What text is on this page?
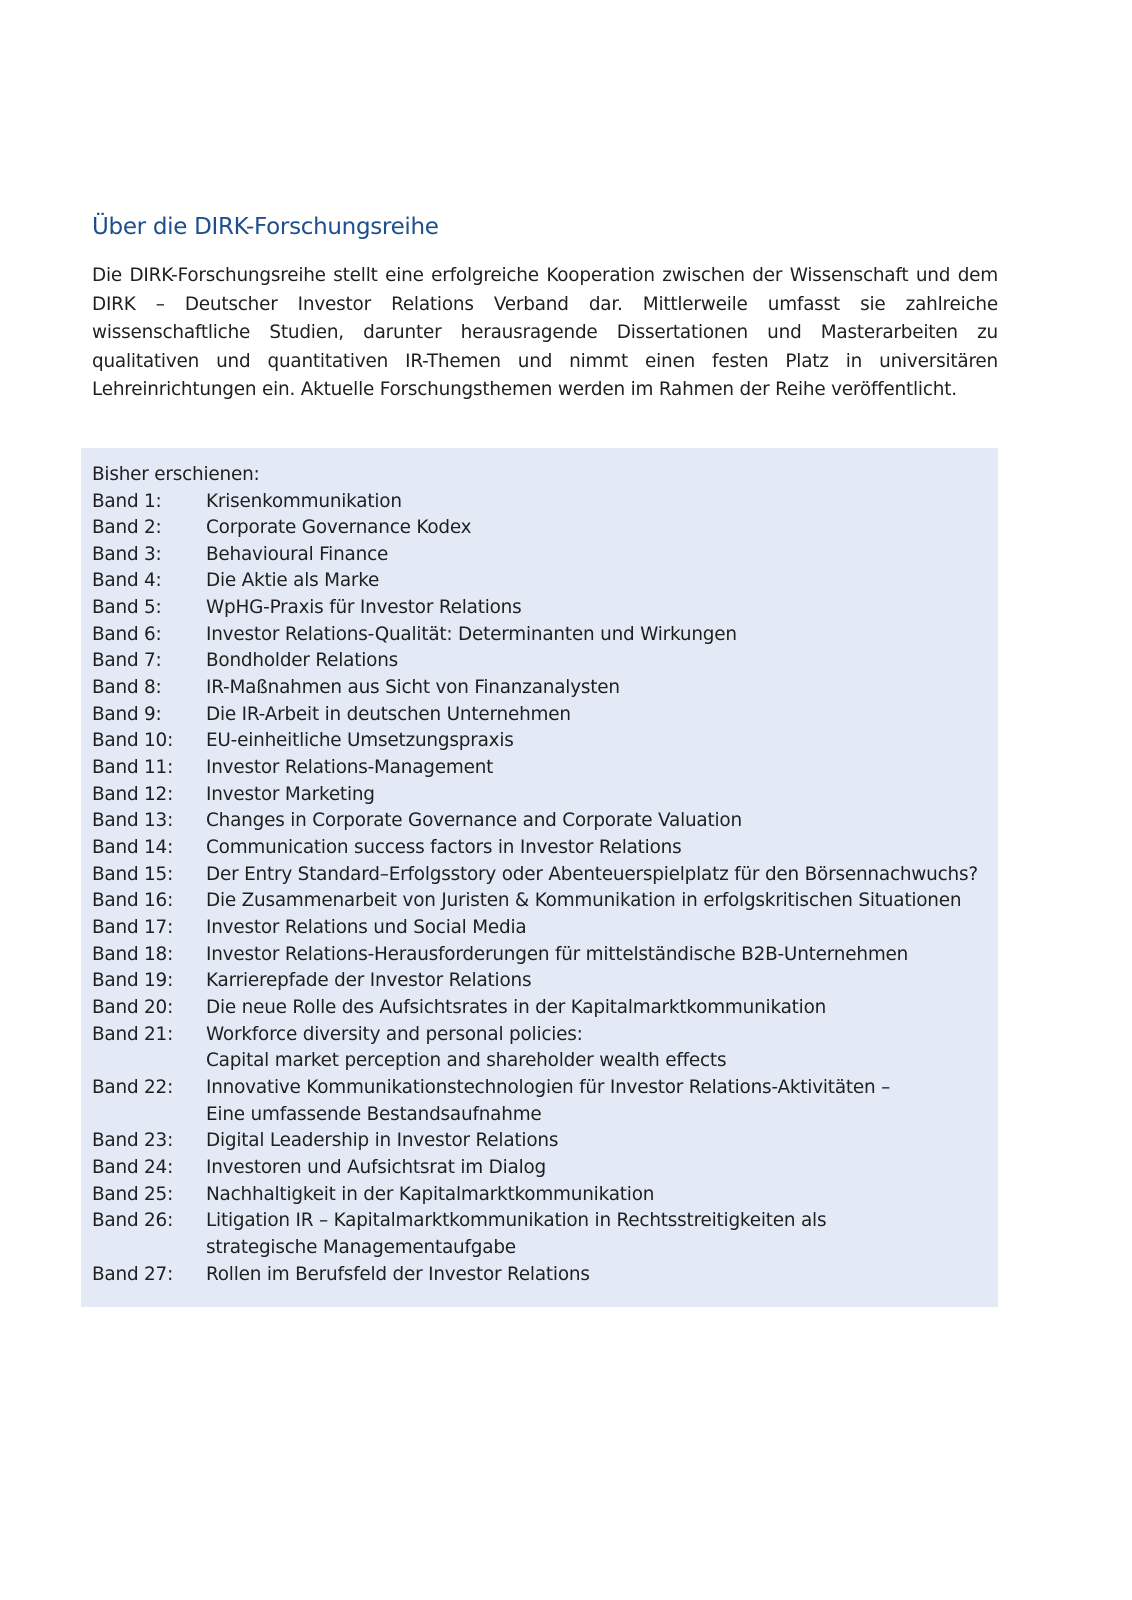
Über die DIRK-Forschungsreihe

Die DIRK-Forschungsreihe stellt eine erfolgreiche Kooperation zwischen der Wissenschaft und dem DIRK – Deutscher Investor Relations Verband dar. Mittlerweile umfasst sie zahlreiche wissenschaftliche Studien, darunter herausragende Dissertationen und Masterarbeiten zu qualitativen und quantitativen IR-Themen und nimmt einen festen Platz in universitären Lehreinrichtungen ein. Aktuelle Forschungsthemen werden im Rahmen der Reihe veröffentlicht.

Bisher erschienen:
Band 1:	Krisenkommunikation
Band 2:	Corporate Governance Kodex
Band 3:	Behavioural Finance
Band 4:	Die Aktie als Marke
Band 5:	WpHG-Praxis für Investor Relations
Band 6:	Investor Relations-Qualität: Determinanten und Wirkungen
Band 7:	Bondholder Relations
Band 8:	IR-Maßnahmen aus Sicht von Finanzanalysten
Band 9:	Die IR-Arbeit in deutschen Unternehmen
Band 10:	EU-einheitliche Umsetzungspraxis
Band 11:	Investor Relations-Management
Band 12:	Investor Marketing
Band 13:	Changes in Corporate Governance and Corporate Valuation
Band 14:	Communication success factors in Investor Relations
Band 15:	Der Entry Standard–Erfolgsstory oder Abenteuerspielplatz für den Börsennachwuchs?
Band 16:	Die Zusammenarbeit von Juristen & Kommunikation in erfolgskritischen Situationen
Band 17:	Investor Relations und Social Media
Band 18:	Investor Relations-Herausforderungen für mittelständische B2B-Unternehmen
Band 19:	Karrierepfade der Investor Relations
Band 20:	Die neue Rolle des Aufsichtsrates in der Kapitalmarktkommunikation
Band 21:	Workforce diversity and personal policies:
Capital market perception and shareholder wealth effects
Band 22:	Innovative Kommunikationstechnologien für Investor Relations-Aktivitäten –
Eine umfassende Bestandsaufnahme
Band 23:	Digital Leadership in Investor Relations
Band 24:	Investoren und Aufsichtsrat im Dialog
Band 25:	Nachhaltigkeit in der Kapitalmarktkommunikation
Band 26:	Litigation IR – Kapitalmarktkommunikation in Rechtsstreitigkeiten als
strategische Managementaufgabe
Band 27:	Rollen im Berufsfeld der Investor Relations
